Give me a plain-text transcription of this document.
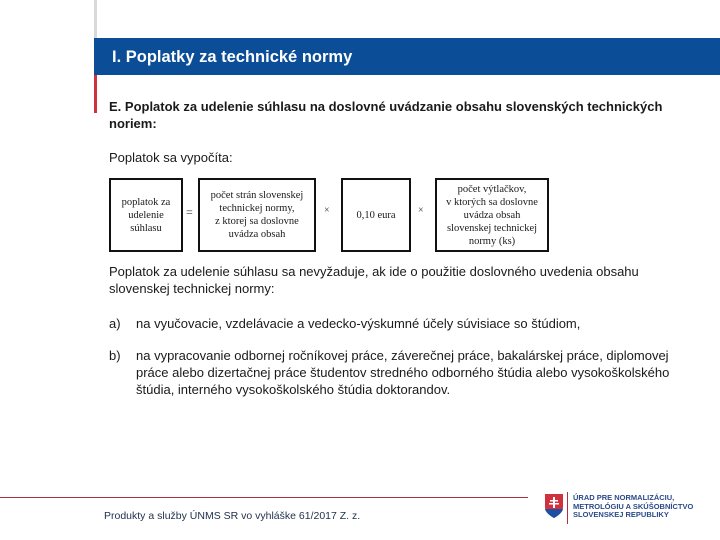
I. Poplatky za technické normy
E. Poplatok za udelenie súhlasu na doslovné uvádzanie obsahu slovenských technických noriem:
Poplatok sa vypočíta:
poplatok za
udelenie
súhlasu
=
počet strán slovenskej
technickej normy,
z ktorej sa doslovne
uvádza obsah
×	0,10 eura	×
počet výtlačkov,
v ktorých sa doslovne
uvádza obsah
slovenskej technickej
normy (ks)
Poplatok za udelenie súhlasu sa nevyžaduje, ak ide o použitie doslovného uvedenia obsahu slovenskej technickej normy:
a) na vyučovacie, vzdelávacie a vedecko-výskumné účely súvisiace so štúdiom,
b) na vypracovanie odbornej ročníkovej práce, záverečnej práce, bakalárskej práce, diplomovej práce alebo dizertačnej práce študentov stredného odborného štúdia alebo vysokoškolského štúdia, interného vysokoškolského štúdia doktorandov.
Produkty a služby ÚNMS SR vo vyhláške 61/2017 Z. z.
ÚRAD PRE NORMALIZÁCIU,
METROLÓGIU A SKÚŠOBNÍCTVO
SLOVENSKEJ REPUBLIKY
